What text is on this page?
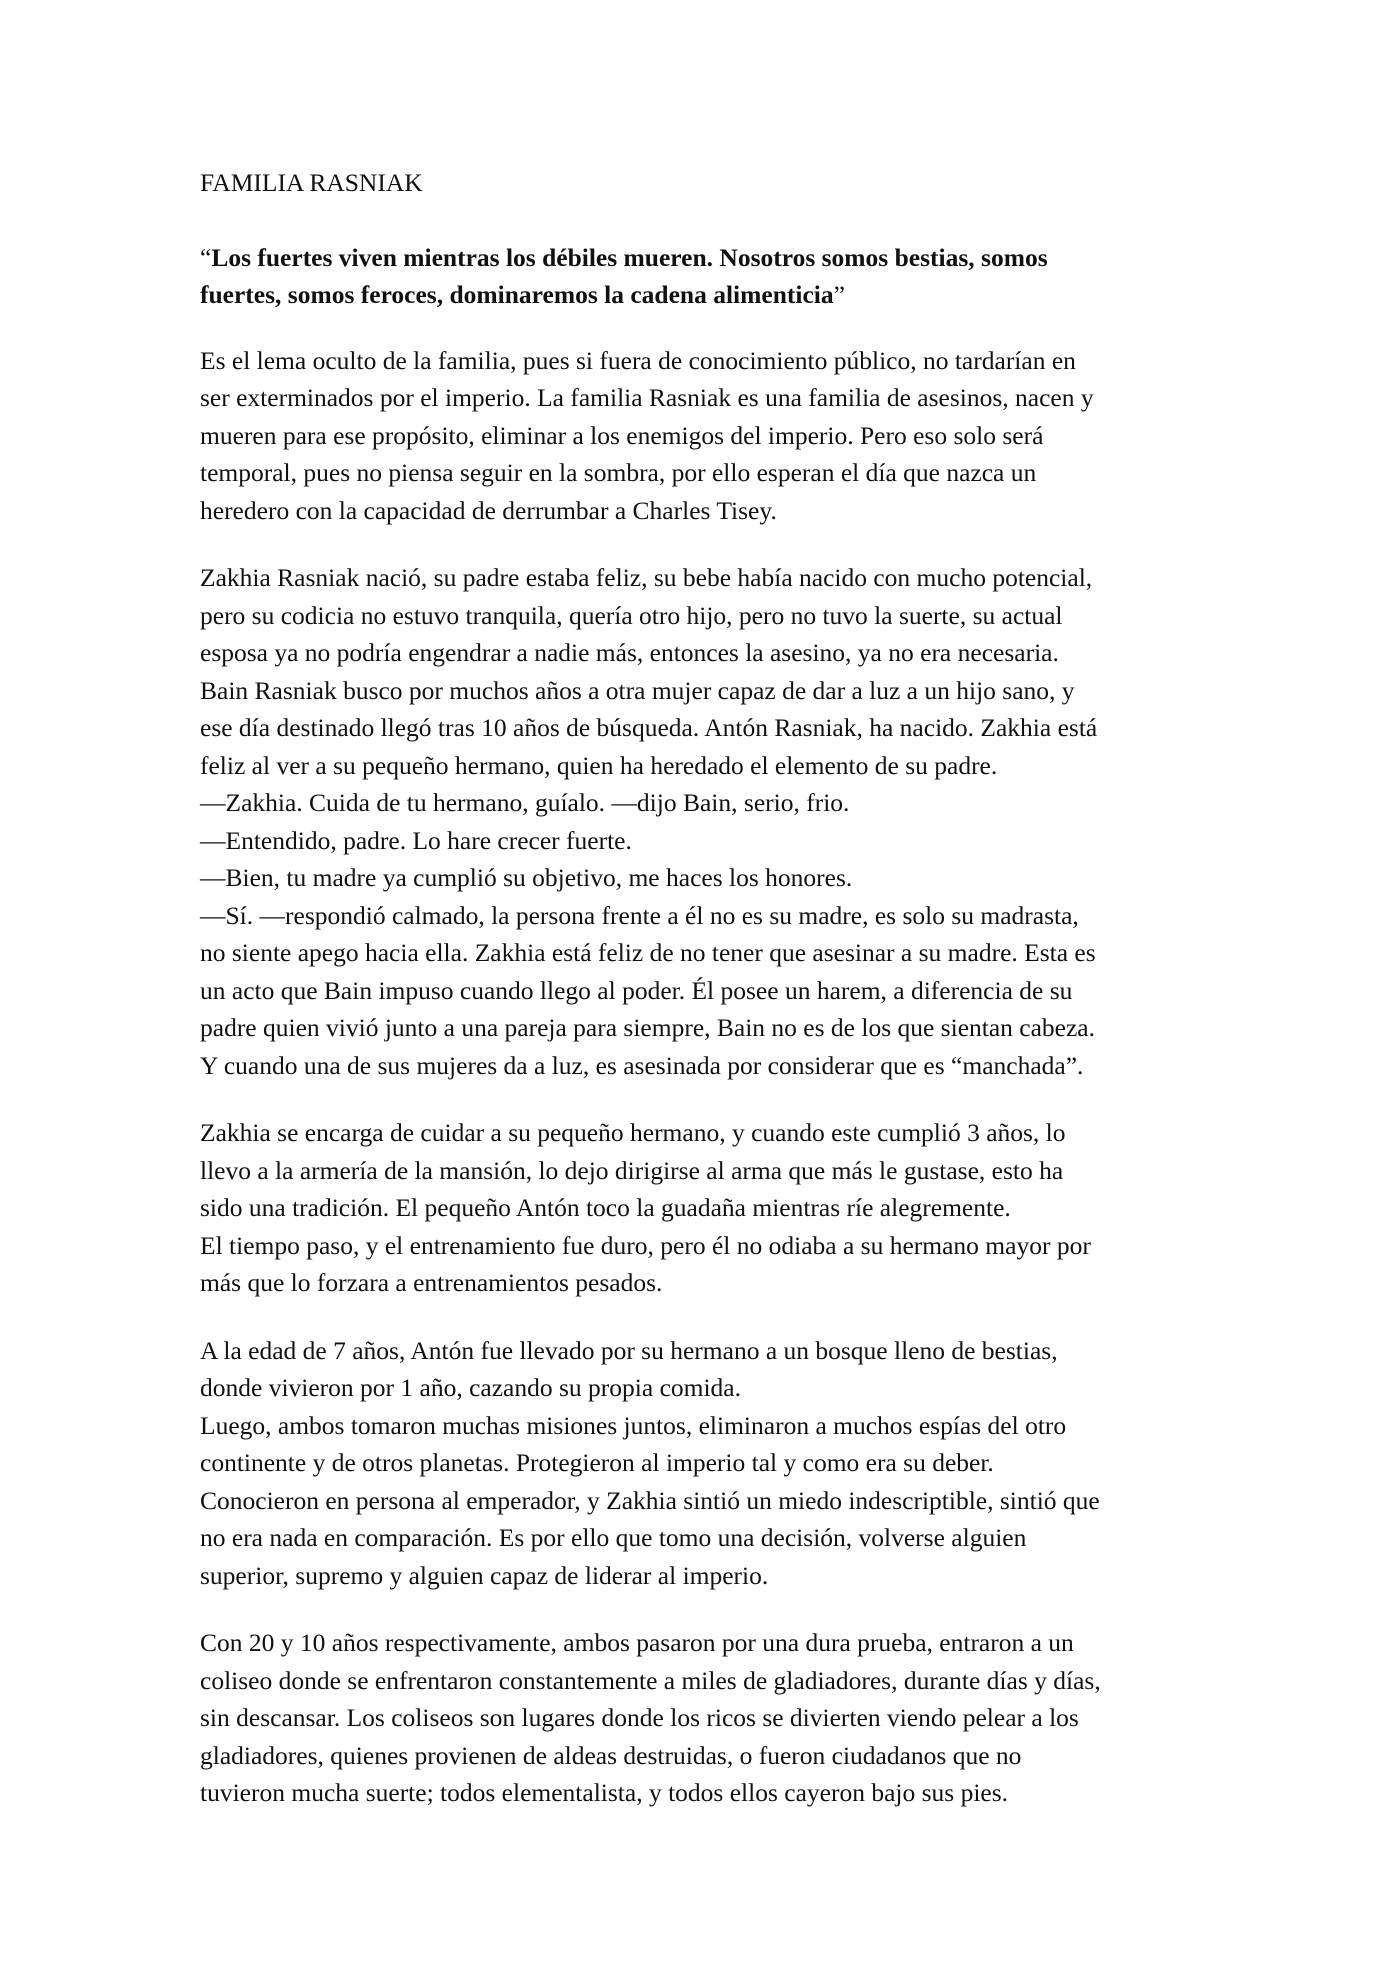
FAMILIA RASNIAK

“Los fuertes viven mientras los débiles mueren. Nosotros somos bestias, somos
fuertes, somos feroces, dominaremos la cadena alimenticia”

Es el lema oculto de la familia, pues si fuera de conocimiento público, no tardarían en
ser exterminados por el imperio. La familia Rasniak es una familia de asesinos, nacen y
mueren para ese propósito, eliminar a los enemigos del imperio. Pero eso solo será
temporal, pues no piensa seguir en la sombra, por ello esperan el día que nazca un
heredero con la capacidad de derrumbar a Charles Tisey.

Zakhia Rasniak nació, su padre estaba feliz, su bebe había nacido con mucho potencial,
pero su codicia no estuvo tranquila, quería otro hijo, pero no tuvo la suerte, su actual
esposa ya no podría engendrar a nadie más, entonces la asesino, ya no era necesaria.
Bain Rasniak busco por muchos años a otra mujer capaz de dar a luz a un hijo sano, y
ese día destinado llegó tras 10 años de búsqueda. Antón Rasniak, ha nacido. Zakhia está
feliz al ver a su pequeño hermano, quien ha heredado el elemento de su padre.
—Zakhia. Cuida de tu hermano, guíalo. —dijo Bain, serio, frio.
—Entendido, padre. Lo hare crecer fuerte.
—Bien, tu madre ya cumplió su objetivo, me haces los honores.
—Sí. —respondió calmado, la persona frente a él no es su madre, es solo su madrasta,
no siente apego hacia ella. Zakhia está feliz de no tener que asesinar a su madre. Esta es
un acto que Bain impuso cuando llego al poder. Él posee un harem, a diferencia de su
padre quien vivió junto a una pareja para siempre, Bain no es de los que sientan cabeza.
Y cuando una de sus mujeres da a luz, es asesinada por considerar que es “manchada”.

Zakhia se encarga de cuidar a su pequeño hermano, y cuando este cumplió 3 años, lo
llevo a la armería de la mansión, lo dejo dirigirse al arma que más le gustase, esto ha
sido una tradición. El pequeño Antón toco la guadaña mientras ríe alegremente.
El tiempo paso, y el entrenamiento fue duro, pero él no odiaba a su hermano mayor por
más que lo forzara a entrenamientos pesados.

A la edad de 7 años, Antón fue llevado por su hermano a un bosque lleno de bestias,
donde vivieron por 1 año, cazando su propia comida.
Luego, ambos tomaron muchas misiones juntos, eliminaron a muchos espías del otro
continente y de otros planetas. Protegieron al imperio tal y como era su deber.
Conocieron en persona al emperador, y Zakhia sintió un miedo indescriptible, sintió que
no era nada en comparación. Es por ello que tomo una decisión, volverse alguien
superior, supremo y alguien capaz de liderar al imperio.

Con 20 y 10 años respectivamente, ambos pasaron por una dura prueba, entraron a un
coliseo donde se enfrentaron constantemente a miles de gladiadores, durante días y días,
sin descansar. Los coliseos son lugares donde los ricos se divierten viendo pelear a los
gladiadores, quienes provienen de aldeas destruidas, o fueron ciudadanos que no
tuvieron mucha suerte; todos elementalista, y todos ellos cayeron bajo sus pies.
